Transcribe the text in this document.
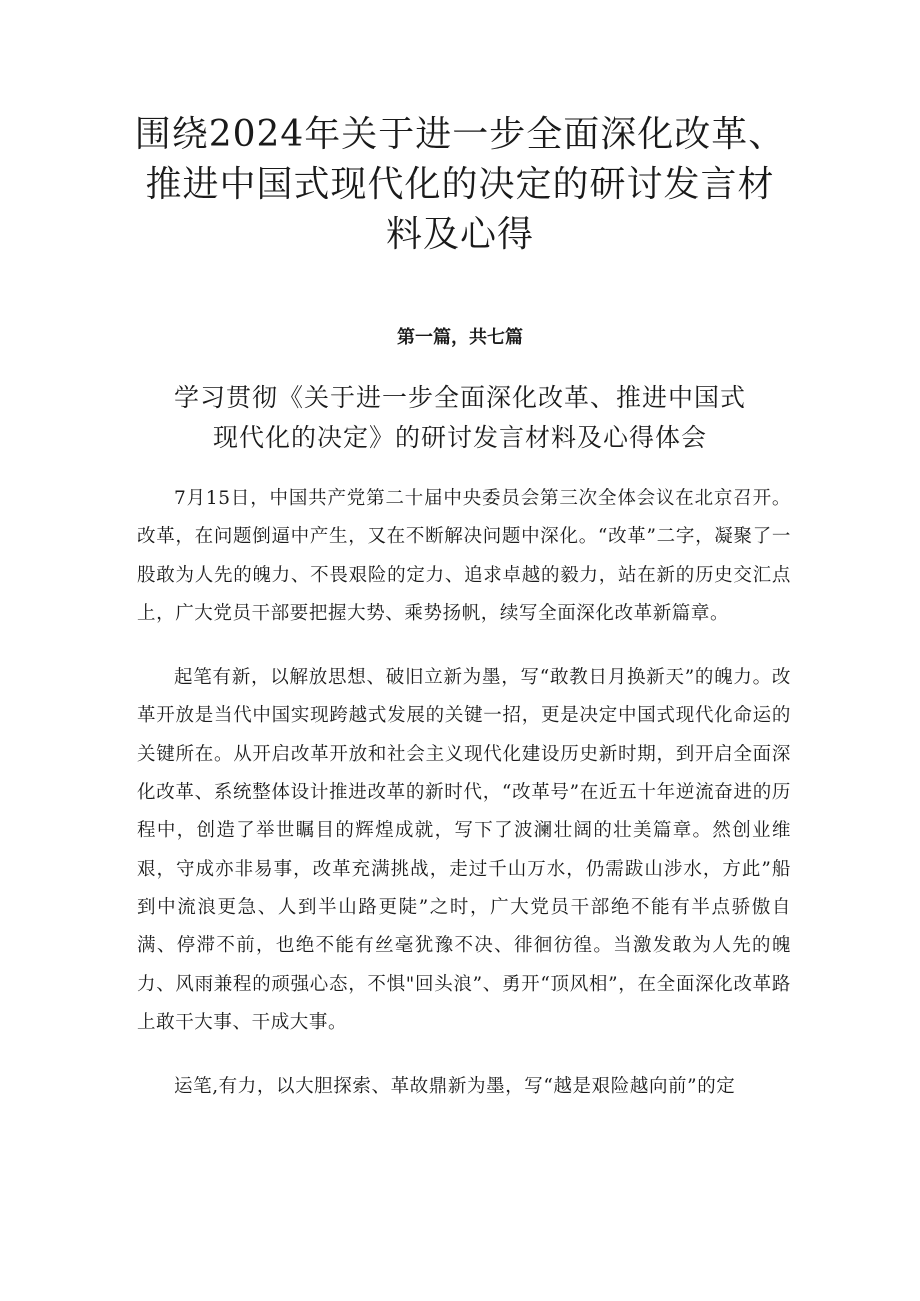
围绕2024年关于进一步全面深化改革、推进中国式现代化的决定的研讨发言材料及心得
第一篇，共七篇
学习贯彻《关于进一步全面深化改革、推进中国式现代化的决定》的研讨发言材料及心得体会

7月15日，中国共产党第二十届中央委员会第三次全体会议在北京召开。改革，在问题倒逼中产生，又在不断解决问题中深化。“改革”二字，凝聚了一股敢为人先的魄力、不畏艰险的定力、追求卓越的毅力，站在新的历史交汇点上，广大党员干部要把握大势、乘势扬帆，续写全面深化改革新篇章。

起笔有新，以解放思想、破旧立新为墨，写“敢教日月换新天”的魄力。改革开放是当代中国实现跨越式发展的关键一招，更是决定中国式现代化命运的关键所在。从开启改革开放和社会主义现代化建设历史新时期，到开启全面深化改革、系统整体设计推进改革的新时代，“改革号”在近五十年逆流奋进的历程中，创造了举世瞩目的辉煌成就，写下了波澜壮阔的壮美篇章。然创业维艰，守成亦非易事，改革充满挑战，走过千山万水，仍需跋山涉水，方此”船到中流浪更急、人到半山路更陡”之时，广大党员干部绝不能有半点骄傲自满、停滞不前，也绝不能有丝毫犹豫不决、徘徊彷徨。当激发敢为人先的魄力、风雨兼程的顽强心态，不惧"回头浪”、勇开“顶风相”，在全面深化改革路上敢干大事、干成大事。

运笔,有力，以大胆探索、革故鼎新为墨，写“越是艰险越向前”的定
